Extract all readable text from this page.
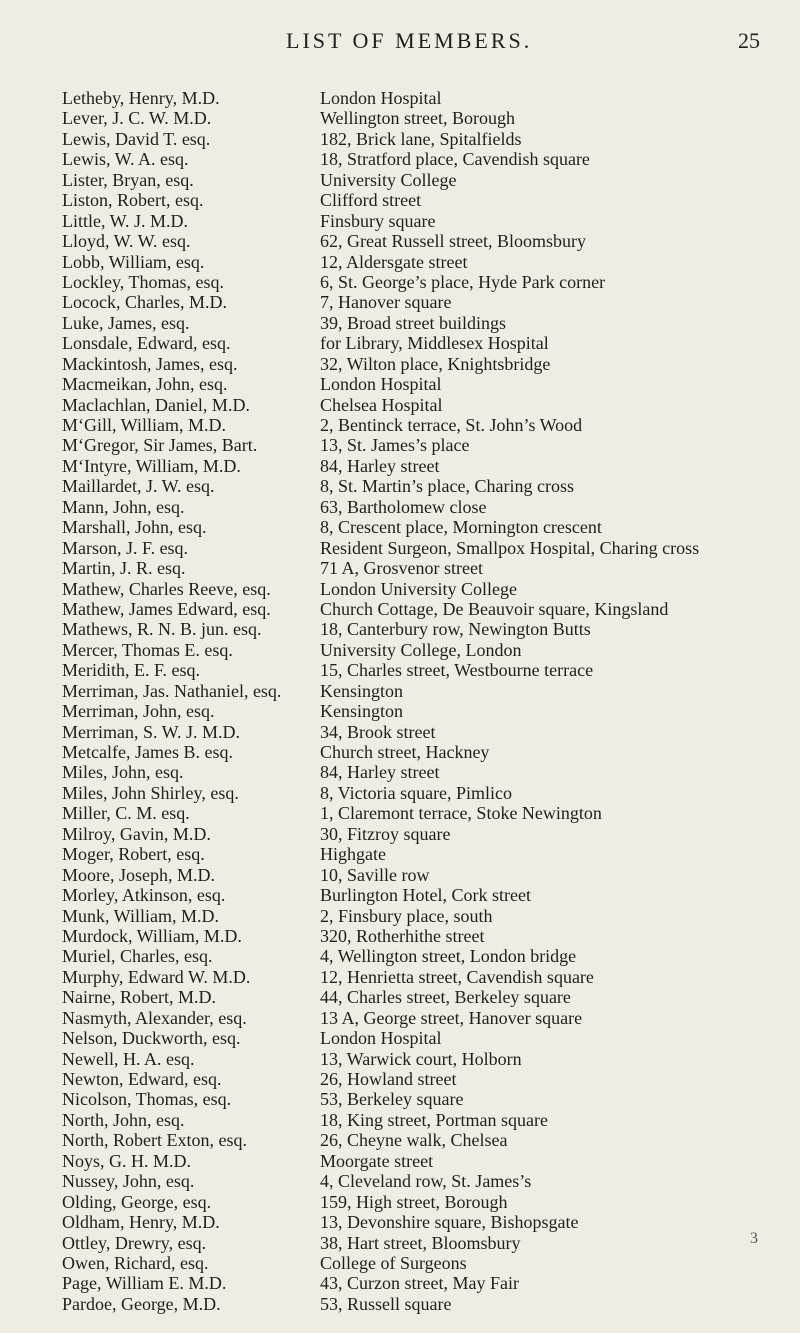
LIST OF MEMBERS.	25
Letheby, Henry, M.D.	London Hospital
Lever, J. C. W. M.D.	Wellington street, Borough
Lewis, David T. esq.	182, Brick lane, Spitalfields
Lewis, W. A. esq.	18, Stratford place, Cavendish square
Lister, Bryan, esq.	University College
Liston, Robert, esq.	Clifford street
Little, W. J. M.D.	Finsbury square
Lloyd, W. W. esq.	62, Great Russell street, Bloomsbury
Lobb, William, esq.	12, Aldersgate street
Lockley, Thomas, esq.	6, St. George’s place, Hyde Park corner
Locock, Charles, M.D.	7, Hanover square
Luke, James, esq.	39, Broad street buildings
Lonsdale, Edward, esq.	for Library, Middlesex Hospital
Mackintosh, James, esq.	32, Wilton place, Knightsbridge
Macmeikan, John, esq.	London Hospital
Maclachlan, Daniel, M.D.	Chelsea Hospital
M‘Gill, William, M.D.	2, Bentinck terrace, St. John’s Wood
M‘Gregor, Sir James, Bart.	13, St. James’s place
M‘Intyre, William, M.D.	84, Harley street
Maillardet, J. W. esq.	8, St. Martin’s place, Charing cross
Mann, John, esq.	63, Bartholomew close
Marshall, John, esq.	8, Crescent place, Mornington crescent
Marson, J. F. esq.	Resident Surgeon, Smallpox Hospital, Charing cross
Martin, J. R. esq.	71 A, Grosvenor street
Mathew, Charles Reeve, esq.	London University College
Mathew, James Edward, esq.	Church Cottage, De Beauvoir square, Kingsland
Mathews, R. N. B. jun. esq.	18, Canterbury row, Newington Butts
Mercer, Thomas E. esq.	University College, London
Meridith, E. F. esq.	15, Charles street, Westbourne terrace
Merriman, Jas. Nathaniel, esq. Kensington
Merriman, John, esq.	Kensington
Merriman, S. W. J. M.D.	34, Brook street
Metcalfe, James B. esq.	Church street, Hackney
Miles, John, esq.	84, Harley street
Miles, John Shirley, esq.	8, Victoria square, Pimlico
Miller, C. M. esq.	1, Claremont terrace, Stoke Newington
Milroy, Gavin, M.D.	30, Fitzroy square
Moger, Robert, esq.	Highgate
Moore, Joseph, M.D.	10, Saville row
Morley, Atkinson, esq.	Burlington Hotel, Cork street
Munk, William, M.D.	2, Finsbury place, south
Murdock, William, M.D.	320, Rotherhithe street
Muriel, Charles, esq.	4, Wellington street, London bridge
Murphy, Edward W. M.D.	12, Henrietta street, Cavendish square
Nairne, Robert, M.D.	44, Charles street, Berkeley square
Nasmyth, Alexander, esq.	13 A, George street, Hanover square
Nelson, Duckworth, esq.	London Hospital
Newell, H. A. esq.	13, Warwick court, Holborn
Newton, Edward, esq.	26, Howland street
Nicolson, Thomas, esq.	53, Berkeley square
North, John, esq.	18, King street, Portman square
North, Robert Exton, esq.	26, Cheyne walk, Chelsea
Noys, G. H. M.D.	Moorgate street
Nussey, John, esq.	4, Cleveland row, St. James’s
Olding, George, esq.	159, High street, Borough
Oldham, Henry, M.D.	13, Devonshire square, Bishopsgate
Ottley, Drewry, esq.	38, Hart street, Bloomsbury
Owen, Richard, esq.	College of Surgeons
Page, William E. M.D.	43, Curzon street, May Fair
Pardoe, George, M.D.	53, Russell square
3
